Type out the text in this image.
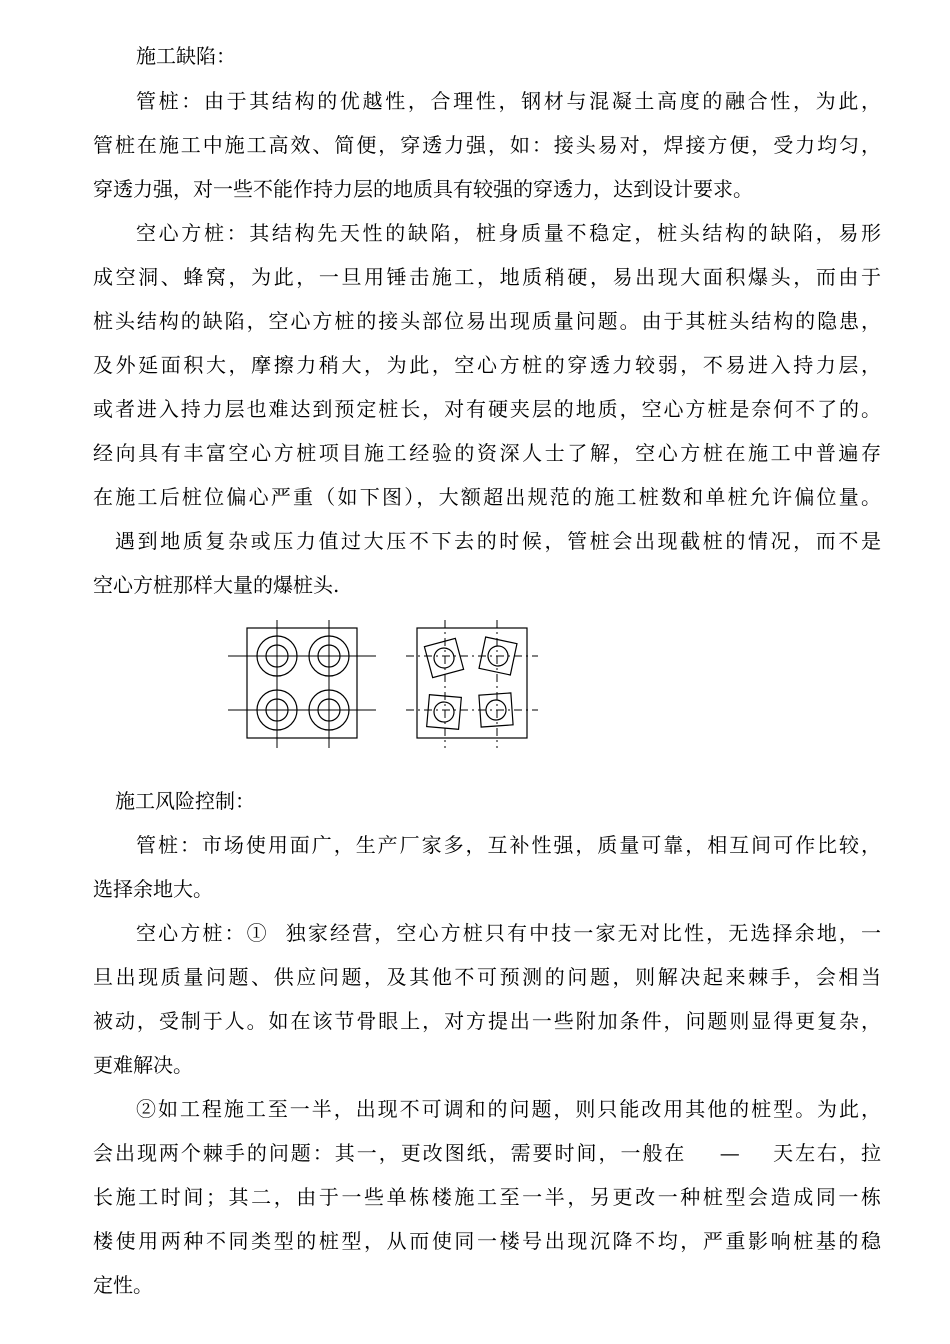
施工缺陷：
管桩：由于其结构的优越性，合理性，钢材与混凝土高度的融合性，为此，
管桩在施工中施工高效、简便，穿透力强，如：接头易对，焊接方便，受力均匀，
穿透力强，对一些不能作持力层的地质具有较强的穿透力，达到设计要求。
空心方桩：其结构先天性的缺陷，桩身质量不稳定，桩头结构的缺陷，易形
成空洞、蜂窝，为此，一旦用锤击施工，地质稍硬，易出现大面积爆头，而由于
桩头结构的缺陷，空心方桩的接头部位易出现质量问题。由于其桩头结构的隐患，
及外延面积大，摩擦力稍大，为此，空心方桩的穿透力较弱，不易进入持力层，
或者进入持力层也难达到预定桩长，对有硬夹层的地质，空心方桩是奈何不了的。
经向具有丰富空心方桩项目施工经验的资深人士了解，空心方桩在施工中普遍存
在施工后桩位偏心严重（如下图），大额超出规范的施工桩数和单桩允许偏位量。
遇到地质复杂或压力值过大压不下去的时候，管桩会出现截桩的情况，而不是
空心方桩那样大量的爆桩头.
施工风险控制：
管桩：市场使用面广，生产厂家多，互补性强，质量可靠，相互间可作比较，
选择余地大。
空心方桩：①  独家经营，空心方桩只有中技一家无对比性，无选择余地，一
旦出现质量问题、供应问题，及其他不可预测的问题，则解决起来棘手，会相当
被动，受制于人。如在该节骨眼上，对方提出一些附加条件，问题则显得更复杂，
更难解决。
②如工程施工至一半，出现不可调和的问题，则只能改用其他的桩型。为此，
会出现两个棘手的问题：其一，更改图纸，需要时间，一般在    —    天左右，拉
长施工时间；其二，由于一些单栋楼施工至一半，另更改一种桩型会造成同一栋
楼使用两种不同类型的桩型，从而使同一楼号出现沉降不均，严重影响桩基的稳
定性。
